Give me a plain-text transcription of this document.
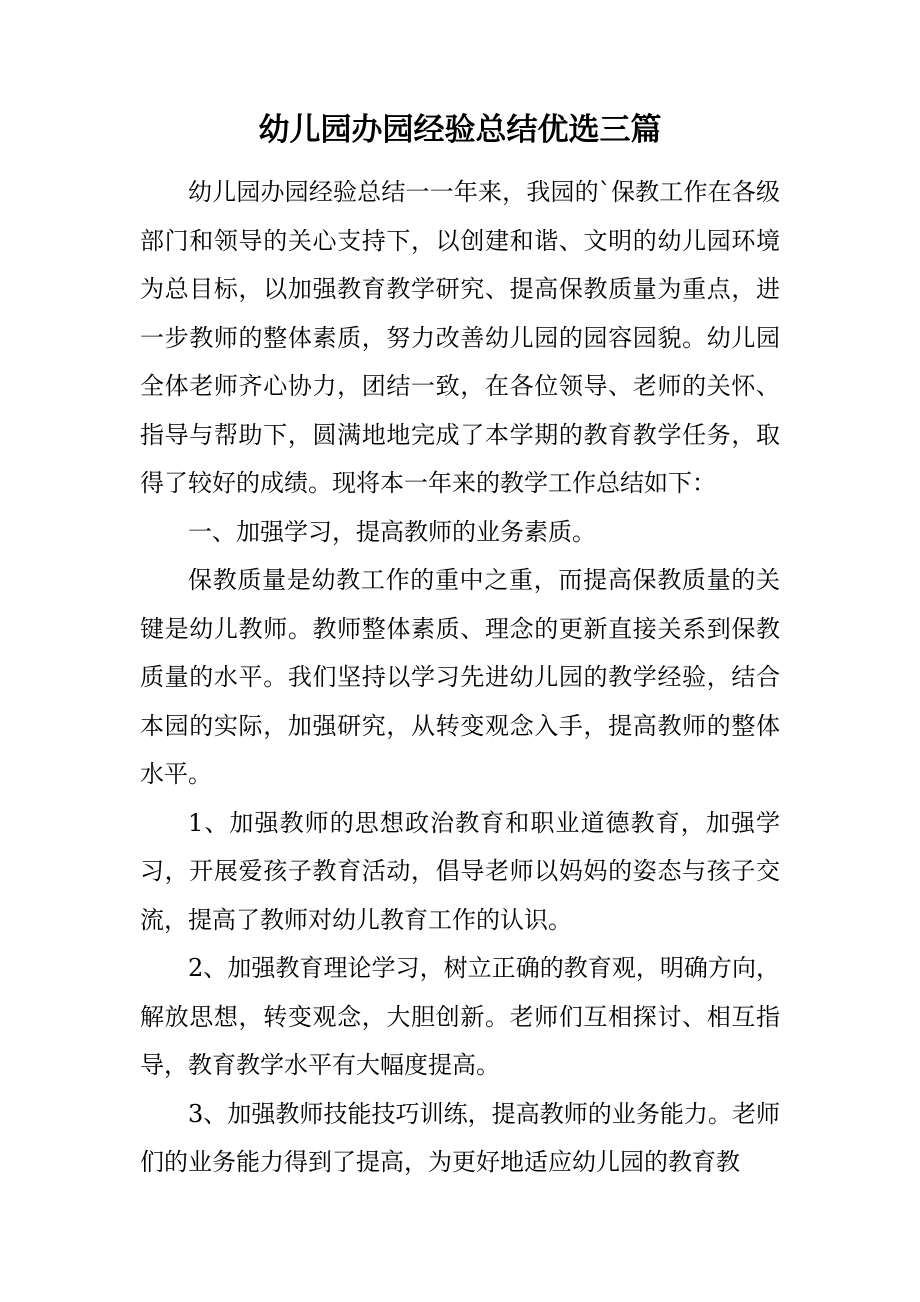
幼儿园办园经验总结优选三篇

幼儿园办园经验总结一一年来，我园的`保教工作在各级部门和领导的关心支持下，以创建和谐、文明的幼儿园环境为总目标，以加强教育教学研究、提高保教质量为重点，进一步教师的整体素质，努力改善幼儿园的园容园貌。幼儿园全体老师齐心协力，团结一致，在各位领导、老师的关怀、指导与帮助下，圆满地地完成了本学期的教育教学任务，取得了较好的成绩。现将本一年来的教学工作总结如下：

一、加强学习，提高教师的业务素质。

保教质量是幼教工作的重中之重，而提高保教质量的关键是幼儿教师。教师整体素质、理念的更新直接关系到保教质量的水平。我们坚持以学习先进幼儿园的教学经验，结合本园的实际，加强研究，从转变观念入手，提高教师的整体水平。

1、加强教师的思想政治教育和职业道德教育，加强学习，开展爱孩子教育活动，倡导老师以妈妈的姿态与孩子交流，提高了教师对幼儿教育工作的认识。

2、加强教育理论学习，树立正确的教育观，明确方向，解放思想，转变观念，大胆创新。老师们互相探讨、相互指导，教育教学水平有大幅度提高。

3、加强教师技能技巧训练，提高教师的业务能力。老师们的业务能力得到了提高，为更好地适应幼儿园的教育教
